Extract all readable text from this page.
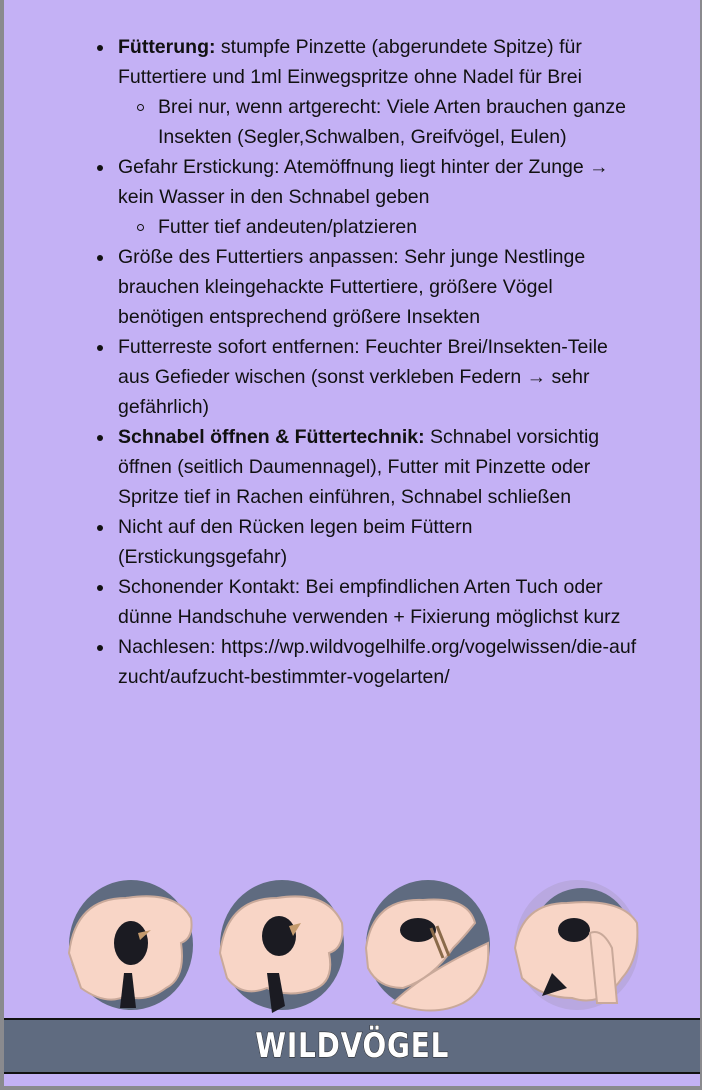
Fütterung: stumpfe Pinzette (abgerundete Spitze) für Futtertiere und 1ml Einwegspritze ohne Nadel für Brei
Brei nur, wenn artgerecht: Viele Arten brauchen ganze Insekten (Segler,Schwalben, Greifvögel, Eulen)
Gefahr Erstickung: Atemöffnung liegt hinter der Zunge → kein Wasser in den Schnabel geben
Futter tief andeuten/platzieren
Größe des Futtertiers anpassen: Sehr junge Nestlinge brauchen kleingehackte Futtertiere, größere Vögel benötigen entsprechend größere Insekten
Futterreste sofort entfernen: Feuchter Brei/Insekten-Teile aus Gefieder wischen (sonst verkleben Federn → sehr gefährlich)
Schnabel öffnen & Füttertechnik: Schnabel vorsichtig öffnen (seitlich Daumennagel), Futter mit Pinzette oder Spritze tief in Rachen einführen, Schnabel schließen
Nicht auf den Rücken legen beim Füttern (Erstickungsgefahr)
Schonender Kontakt: Bei empfindlichen Arten Tuch oder dünne Handschuhe verwenden + Fixierung möglichst kurz
Nachlesen: https://wp.wildvogelhilfe.org/vogelwissen/die-aufzucht/aufzucht-bestimmter-vogelarten/
WILDVÖGEL
